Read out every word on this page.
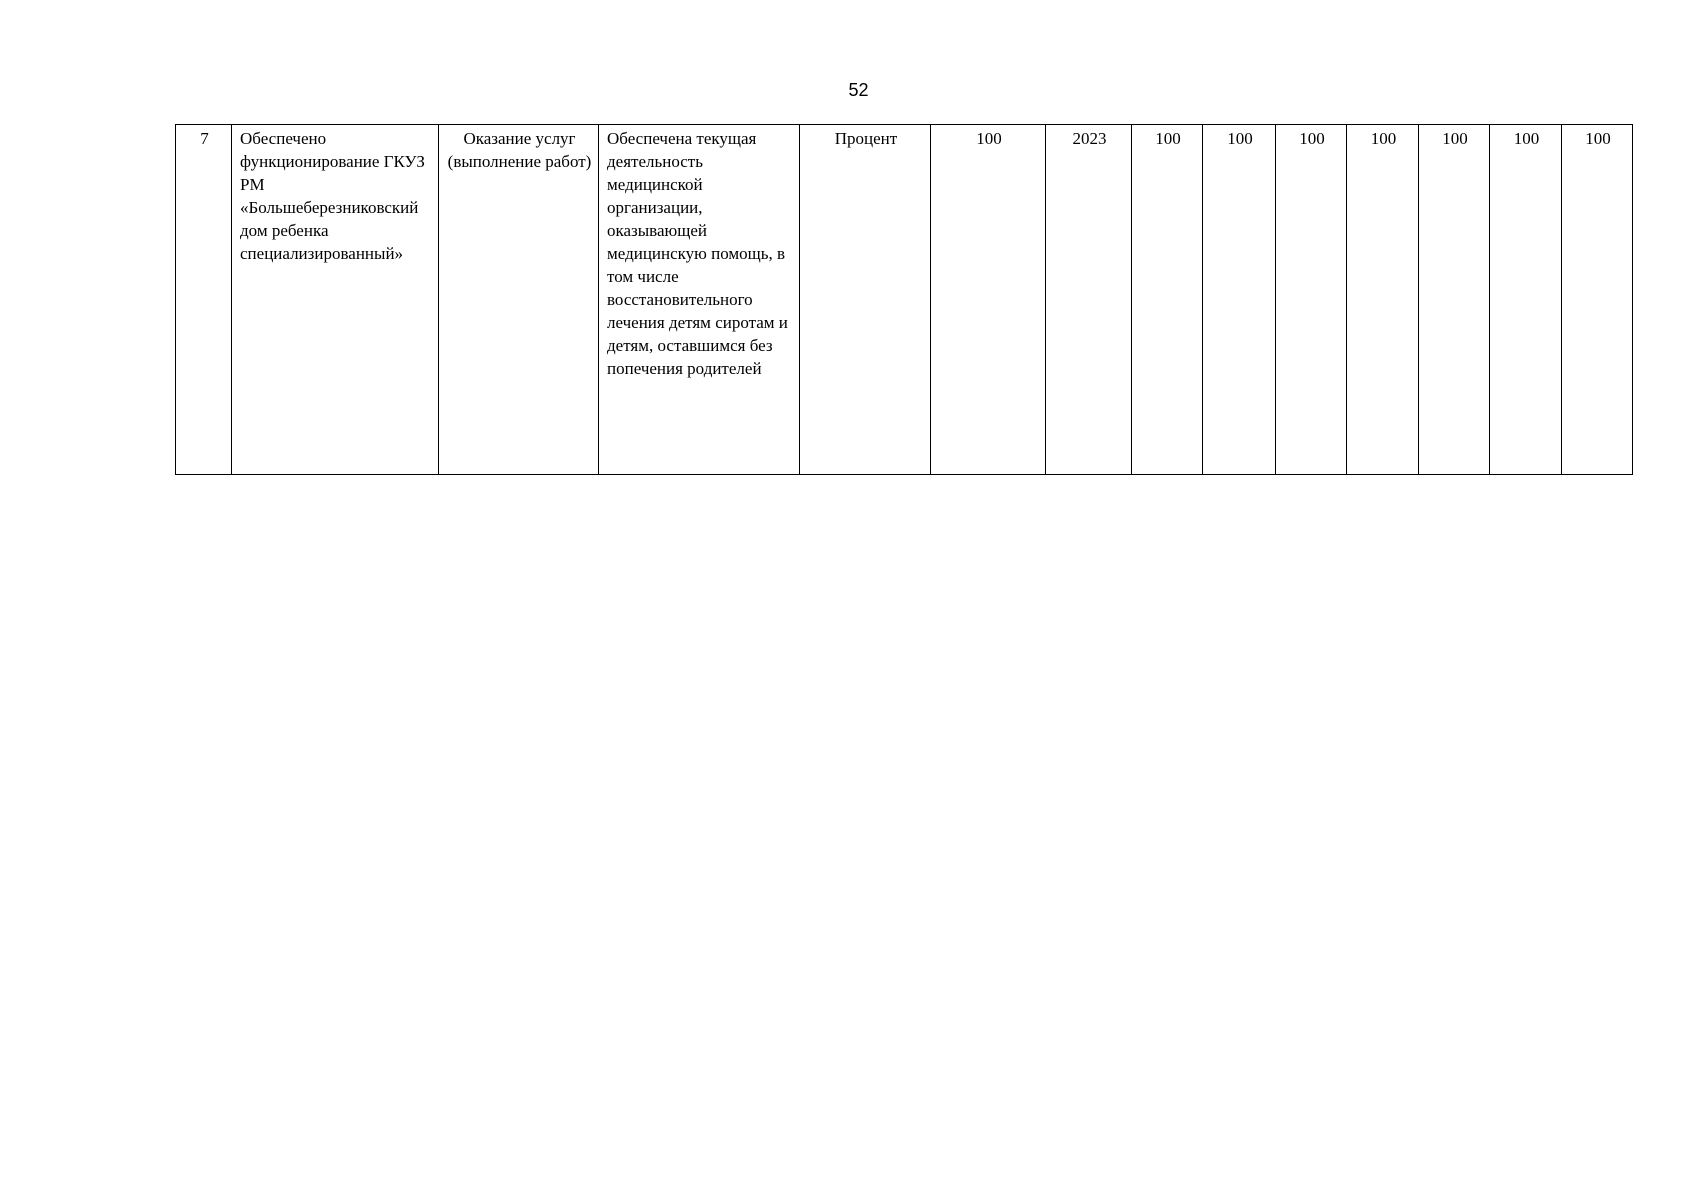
52
7	Обеспечено функционирование ГКУЗ РМ «Большеберезниковский дом ребенка специализированный»	Оказание услуг (выполнение работ)	Обеспечена текущая деятельность медицинской организации, оказывающей медицинскую помощь, в том числе восстановительного лечения детям сиротам и детям, оставшимся без попечения родителей	Процент	100	2023	100	100	100	100	100	100	100
